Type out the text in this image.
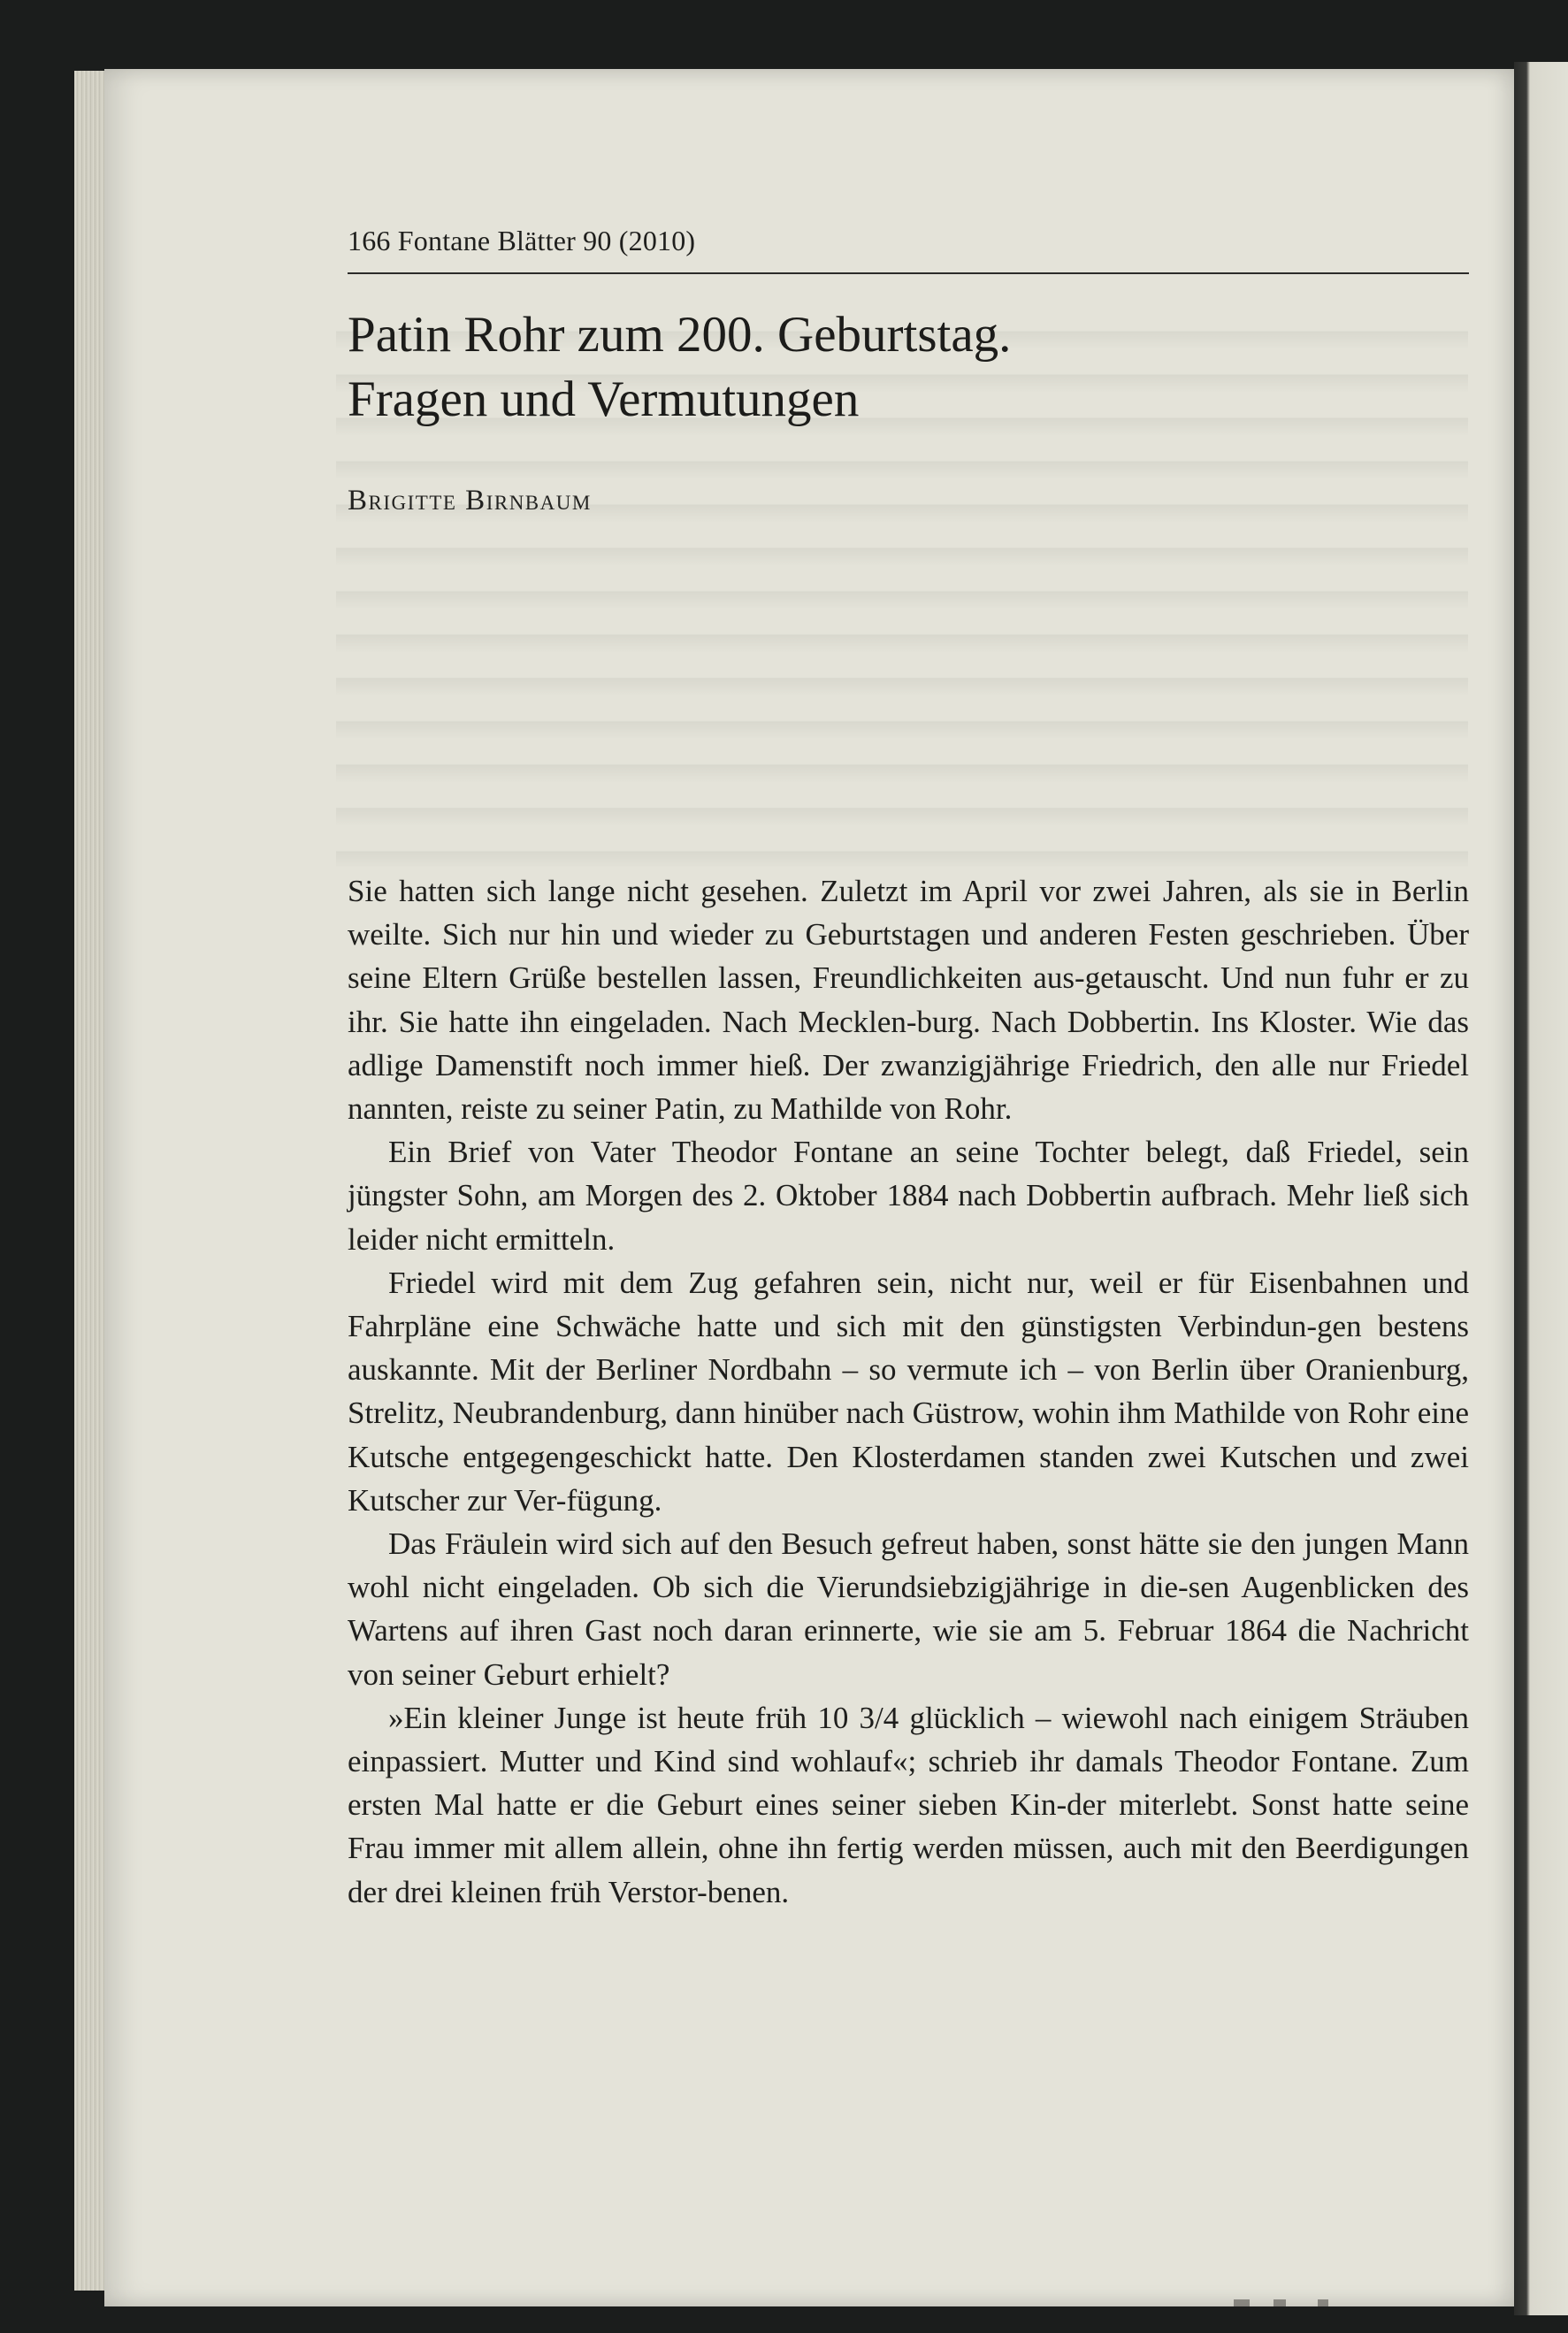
166 Fontane Blätter 90 (2010)
Patin Rohr zum 200. Geburtstag.
Fragen und Vermutungen
Brigitte Birnbaum

Sie hatten sich lange nicht gesehen. Zuletzt im April vor zwei Jahren, als sie in Berlin weilte. Sich nur hin und wieder zu Geburtstagen und anderen Festen geschrieben. Über seine Eltern Grüße bestellen lassen, Freundlichkeiten aus-getauscht. Und nun fuhr er zu ihr. Sie hatte ihn eingeladen. Nach Mecklen-burg. Nach Dobbertin. Ins Kloster. Wie das adlige Damenstift noch immer hieß. Der zwanzigjährige Friedrich, den alle nur Friedel nannten, reiste zu seiner Patin, zu Mathilde von Rohr.

Ein Brief von Vater Theodor Fontane an seine Tochter belegt, daß Friedel, sein jüngster Sohn, am Morgen des 2. Oktober 1884 nach Dobbertin aufbrach. Mehr ließ sich leider nicht ermitteln.

Friedel wird mit dem Zug gefahren sein, nicht nur, weil er für Eisenbahnen und Fahrpläne eine Schwäche hatte und sich mit den günstigsten Verbindun-gen bestens auskannte. Mit der Berliner Nordbahn – so vermute ich – von Berlin über Oranienburg, Strelitz, Neubrandenburg, dann hinüber nach Güstrow, wohin ihm Mathilde von Rohr eine Kutsche entgegengeschickt hatte. Den Klosterdamen standen zwei Kutschen und zwei Kutscher zur Ver-fügung.

Das Fräulein wird sich auf den Besuch gefreut haben, sonst hätte sie den jungen Mann wohl nicht eingeladen. Ob sich die Vierundsiebzigjährige in die-sen Augenblicken des Wartens auf ihren Gast noch daran erinnerte, wie sie am 5. Februar 1864 die Nachricht von seiner Geburt erhielt?

»Ein kleiner Junge ist heute früh 10 3/4 glücklich – wiewohl nach einigem Sträuben einpassiert. Mutter und Kind sind wohlauf«; schrieb ihr damals Theodor Fontane. Zum ersten Mal hatte er die Geburt eines seiner sieben Kin-der miterlebt. Sonst hatte seine Frau immer mit allem allein, ohne ihn fertig werden müssen, auch mit den Beerdigungen der drei kleinen früh Verstor-benen.
